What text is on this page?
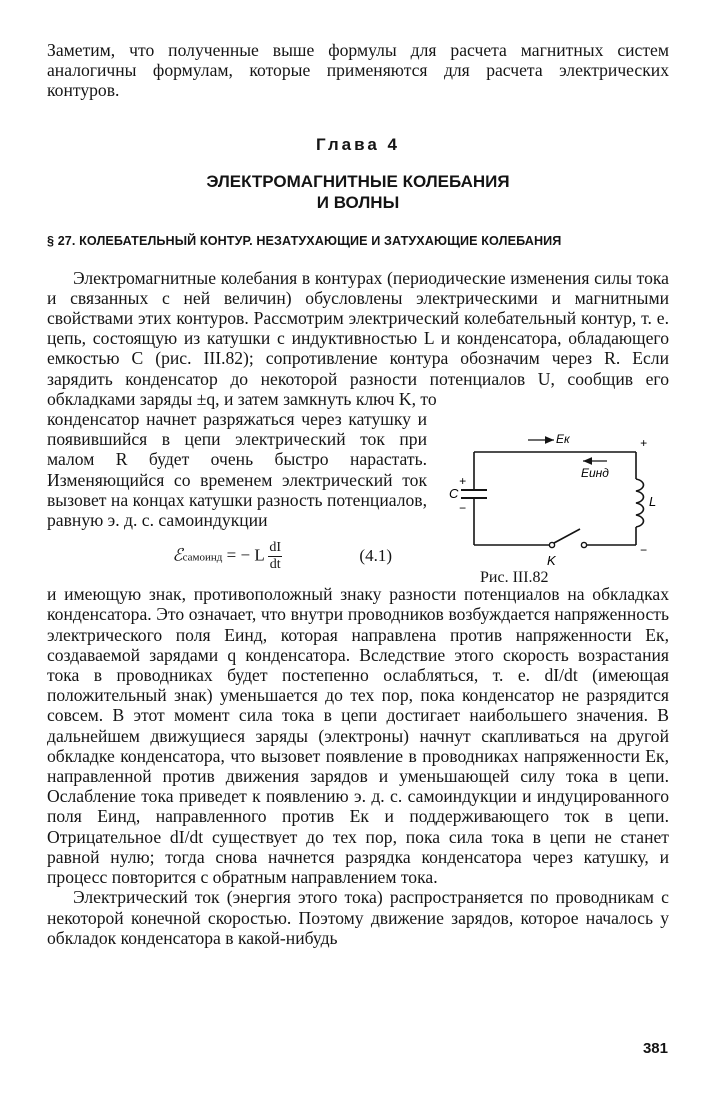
Заметим, что полученные выше формулы для расчета магнитных систем аналогичны формулам, которые применяются для расчета электрических контуров.

Глава 4
ЭЛЕКТРОМАГНИТНЫЕ КОЛЕБАНИЯ
И ВОЛНЫ
§ 27. КОЛЕБАТЕЛЬНЫЙ КОНТУР. НЕЗАТУХАЮЩИЕ И ЗАТУХАЮЩИЕ КОЛЕБАНИЯ

Электромагнитные колебания в контурах (периодические изменения силы тока и связанных с ней величин) обусловлены электрическими и магнитными свойствами этих контуров. Рассмотрим электрический колебательный контур, т. е. цепь, состоящую из катушки с индуктивностью L и конденсатора, обладающего емкостью C (рис. III.82); сопротивление контура обозначим через R. Если зарядить конденсатор до некоторой разности потенциалов U, сообщив его обкладками заряды ±q, и затем замкнуть ключ K, то

конденсатор начнет разряжаться через катушку и появившийся в цепи электрический ток при малом R будет очень быстро нарастать. Изменяющийся со временем электрический ток вызовет на концах катушки разность потенциалов, равную э. д. с. самоиндукции

ℰсамоинд = − L $\frac{dI}{dt}$	(4.1)
Eк
Eинд
C
L
K
+
−
+
−
Рис. III.82

и имеющую знак, противоположный знаку разности потенциалов на обкладках конденсатора. Это означает, что внутри проводников возбуждается напряженность электрического поля Eинд, которая направлена против напряженности Eк, создаваемой зарядами q конденсатора. Вследствие этого скорость возрастания тока в проводниках будет постепенно ослабляться, т. е. dI/dt (имеющая положительный знак) уменьшается до тех пор, пока конденсатор не разрядится совсем. В этот момент сила тока в цепи достигает наибольшего значения. В дальнейшем движущиеся заряды (электроны) начнут скапливаться на другой обкладке конденсатора, что вызовет появление в проводниках напряженности Eк, направленной против движения зарядов и уменьшающей силу тока в цепи. Ослабление тока приведет к появлению э. д. с. самоиндукции и индуцированного поля Eинд, направленного против Eк и поддерживающего ток в цепи. Отрицательное dI/dt существует до тех пор, пока сила тока в цепи не станет равной нулю; тогда снова начнется разрядка конденсатора через катушку, и процесс повторится с обратным направлением тока.

Электрический ток (энергия этого тока) распространяется по проводникам с некоторой конечной скоростью. Поэтому движение зарядов, которое началось у обкладок конденсатора в какой-нибудь

381
